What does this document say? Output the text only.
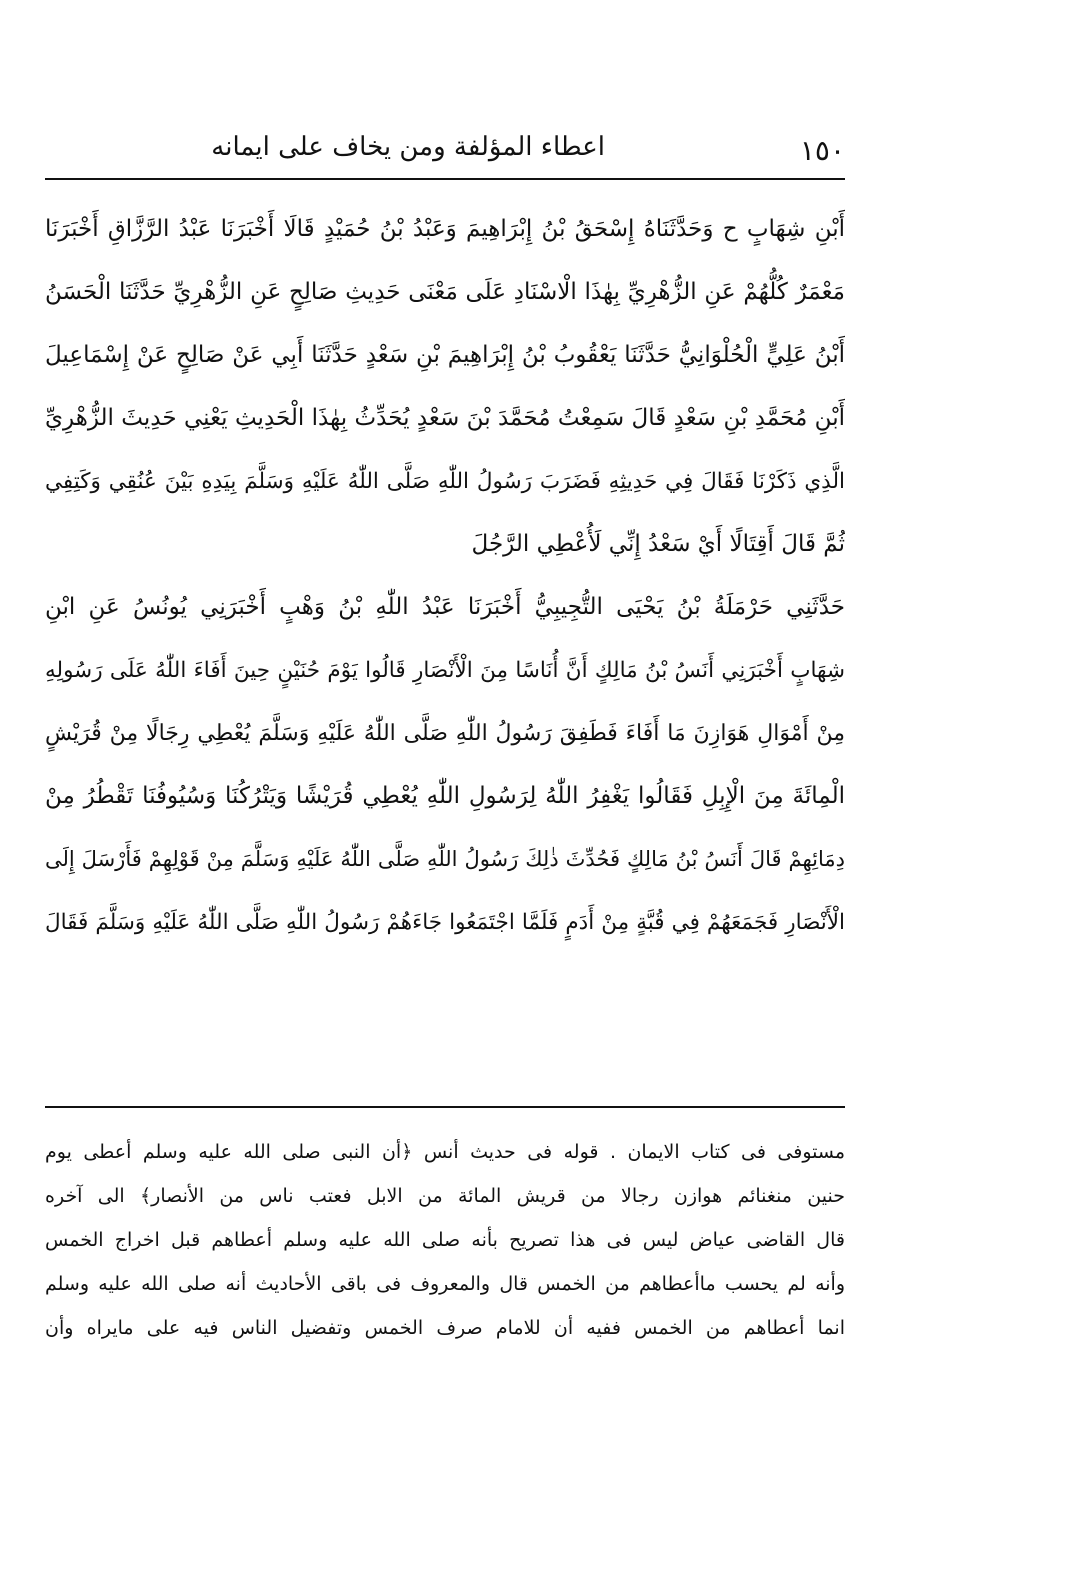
١٥٠
اعطاء المؤلفة ومن يخاف على ايمانه
أَبْنِ شِهَابٍ ح وَحَدَّثَنَاهُ إِسْحَقُ بْنُ إِبْرَاهِيمَ وَعَبْدُ بْنُ حُمَيْدٍ قَالَا أَخْبَرَنَا عَبْدُ الرَّزَّاقِ أَخْبَرَنَا
مَعْمَرٌ كُلُّهُمْ عَنِ الزُّهْرِيِّ بِهٰذَا الْاسْنَادِ عَلَى مَعْنَى حَدِيثِ صَالِحٍ عَنِ الزُّهْرِيِّ حَدَّثَنَا الْحَسَنُ
أَبْنُ عَلِيٍّ الْحُلْوَانِيُّ حَدَّثَنَا يَعْقُوبُ بْنُ إِبْرَاهِيمَ بْنِ سَعْدٍ حَدَّثَنَا أَبِي عَنْ صَالِحٍ عَنْ إِسْمَاعِيلَ
أَبْنِ مُحَمَّدِ بْنِ سَعْدٍ قَالَ سَمِعْتُ مُحَمَّدَ بْنَ سَعْدٍ يُحَدِّثُ بِهٰذَا الْحَدِيثِ يَعْنِي حَدِيثَ الزُّهْرِيِّ
الَّذِي ذَكَرْنَا فَقَالَ فِي حَدِيثِهِ فَضَرَبَ رَسُولُ اللّٰهِ صَلَّى اللّٰهُ عَلَيْهِ وَسَلَّمَ بِيَدِهِ بَيْنَ عُنُقِي وَكَتِفِي
ثُمَّ قَالَ أَقِتَالًا أَيْ سَعْدُ إِنِّي لَأُعْطِي الرَّجُلَ
حَدَّثَنِي حَرْمَلَةُ بْنُ يَحْيَى التُّجِيبِيُّ أَخْبَرَنَا عَبْدُ اللّٰهِ بْنُ وَهْبٍ أَخْبَرَنِي يُونُسُ عَنِ ابْنِ
شِهَابٍ أَخْبَرَنِي أَنَسُ بْنُ مَالِكٍ أَنَّ أُنَاسًا مِنَ الْأَنْصَارِ قَالُوا يَوْمَ حُنَيْنٍ حِينَ أَفَاءَ اللّٰهُ عَلَى رَسُولِهِ
مِنْ أَمْوَالِ هَوَازِنَ مَا أَفَاءَ فَطَفِقَ رَسُولُ اللّٰهِ صَلَّى اللّٰهُ عَلَيْهِ وَسَلَّمَ يُعْطِي رِجَالًا مِنْ قُرَيْشٍ
الْمِائَةَ مِنَ الْإِبِلِ فَقَالُوا يَغْفِرُ اللّٰهُ لِرَسُولِ اللّٰهِ يُعْطِي قُرَيْشًا وَيَتْرُكُنَا وَسُيُوفُنَا تَقْطُرُ مِنْ
دِمَائِهِمْ قَالَ أَنَسُ بْنُ مَالِكٍ فَحُدِّثَ ذٰلِكَ رَسُولُ اللّٰهِ صَلَّى اللّٰهُ عَلَيْهِ وَسَلَّمَ مِنْ قَوْلِهِمْ فَأَرْسَلَ إِلَى
الْأَنْصَارِ فَجَمَعَهُمْ فِي قُبَّةٍ مِنْ أَدَمٍ فَلَمَّا اجْتَمَعُوا جَاءَهُمْ رَسُولُ اللّٰهِ صَلَّى اللّٰهُ عَلَيْهِ وَسَلَّمَ فَقَالَ
مستوفى فى كتاب الايمان . قوله فى حديث أنس ﴿أن النبى صلى الله عليه وسلم أعطى يوم
حنين منغنائم هوازن رجالا من قريش المائة من الابل فعتب ناس من الأنصار﴾ الى آخره
قال القاضى عياض ليس فى هذا تصريح بأنه صلى الله عليه وسلم أعطاهم قبل اخراج الخمس
وأنه لم يحسب ماأعطاهم من الخمس قال والمعروف فى باقى الأحاديث أنه صلى الله عليه وسلم
انما أعطاهم من الخمس ففيه أن للامام صرف الخمس وتفضيل الناس فيه على مايراه وأن
